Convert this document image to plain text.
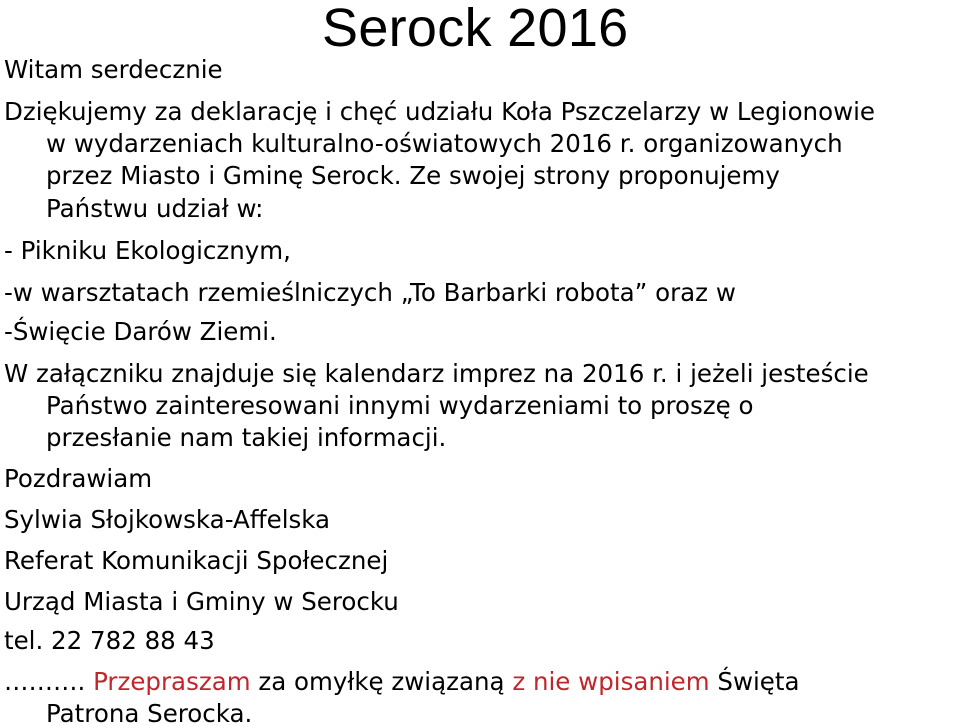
Serock 2016
Witam serdecznie
Dziękujemy za deklarację i chęć udziału Koła Pszczelarzy w Legionowie
w wydarzeniach kulturalno-oświatowych 2016 r. organizowanych
przez Miasto i Gminę Serock. Ze swojej strony proponujemy
Państwu udział w:
- Pikniku Ekologicznym,
-w warsztatach rzemieślniczych „To Barbarki robota” oraz w
-Święcie Darów Ziemi.
W załączniku znajduje się kalendarz imprez na 2016 r. i jeżeli jesteście
Państwo zainteresowani innymi wydarzeniami to proszę o
przesłanie nam takiej informacji.
Pozdrawiam
Sylwia Słojkowska-Affelska
Referat Komunikacji Społecznej
Urząd Miasta i Gminy w Serocku
tel. 22 782 88 43
………. Przepraszam za omyłkę związaną z nie wpisaniem Święta
Patrona Serocka.
